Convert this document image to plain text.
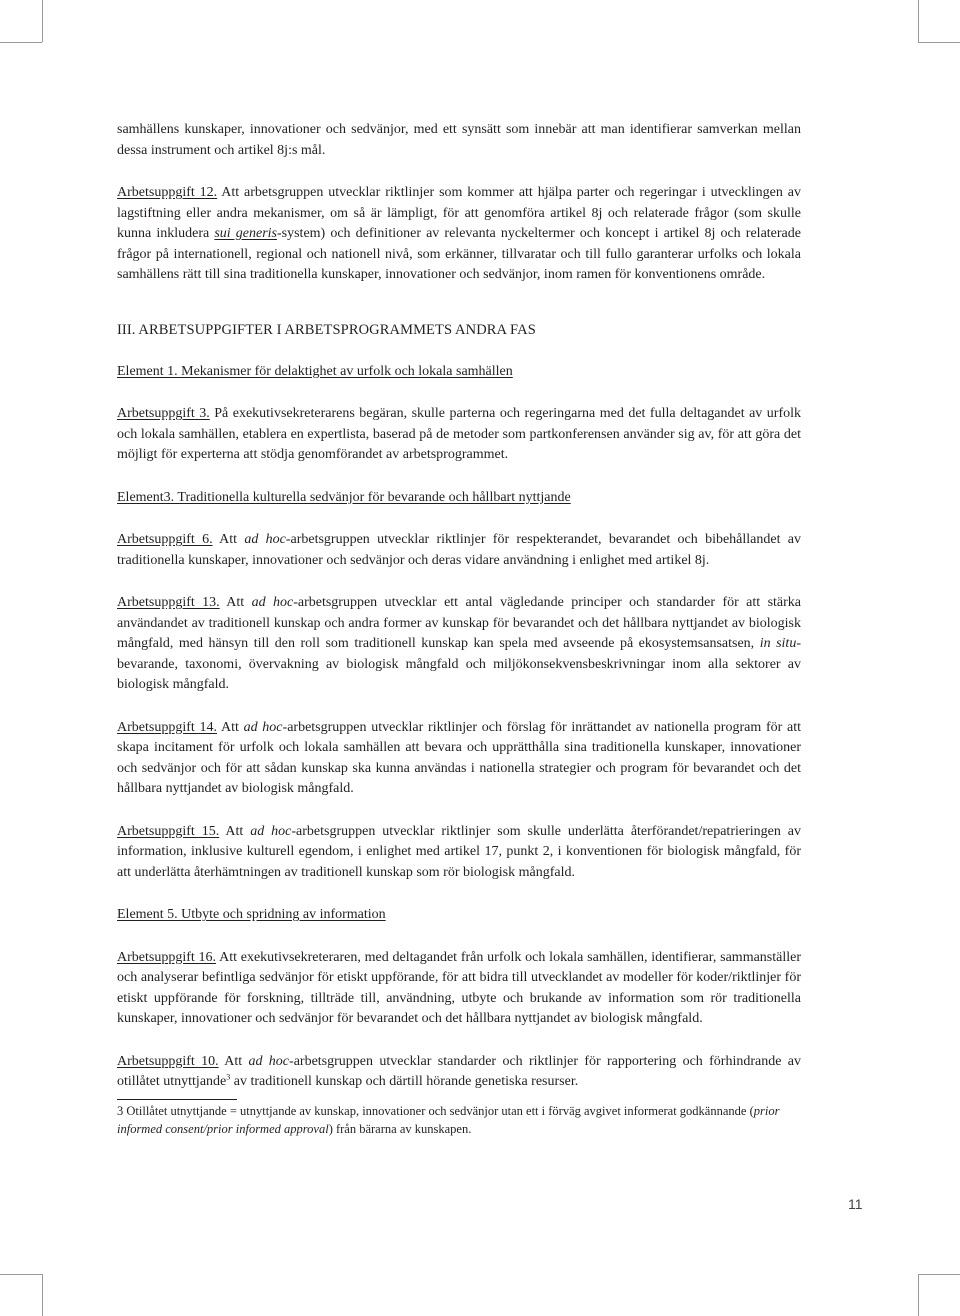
samhällens kunskaper, innovationer och sedvänjor, med ett synsätt som innebär att man identifierar samverkan mellan dessa instrument och artikel 8j:s mål.

Arbetsuppgift 12. Att arbetsgruppen utvecklar riktlinjer som kommer att hjälpa parter och regeringar i utvecklingen av lagstiftning eller andra mekanismer, om så är lämpligt, för att genomföra artikel 8j och relaterade frågor (som skulle kunna inkludera sui generis-system) och definitioner av relevanta nyckeltermer och koncept i artikel 8j och relaterade frågor på internationell, regional och nationell nivå, som erkänner, tillvaratar och till fullo garanterar urfolks och lokala samhällens rätt till sina traditionella kunskaper, innovationer och sedvänjor, inom ramen för konventionens område.

III. ARBETSUPPGIFTER I ARBETSPROGRAMMETS ANDRA FAS

Element 1. Mekanismer för delaktighet av urfolk och lokala samhällen

Arbetsuppgift 3. På exekutivsekreterarens begäran, skulle parterna och regeringarna med det fulla deltagandet av urfolk och lokala samhällen, etablera en expertlista, baserad på de metoder som partkonferensen använder sig av, för att göra det möjligt för experterna att stödja genomförandet av arbetsprogrammet.

Element3. Traditionella kulturella sedvänjor för bevarande och hållbart nyttjande

Arbetsuppgift 6. Att ad hoc-arbetsgruppen utvecklar riktlinjer för respekterandet, bevarandet och bibehållandet av traditionella kunskaper, innovationer och sedvänjor och deras vidare användning i enlighet med artikel 8j.

Arbetsuppgift 13. Att ad hoc-arbetsgruppen utvecklar ett antal vägledande principer och standarder för att stärka användandet av traditionell kunskap och andra former av kunskap för bevarandet och det hållbara nyttjandet av biologisk mångfald, med hänsyn till den roll som traditionell kunskap kan spela med avseende på ekosystemsansatsen, in situ-bevarande, taxonomi, övervakning av biologisk mångfald och miljökonsekvensbeskrivningar inom alla sektorer av biologisk mångfald.

Arbetsuppgift 14. Att ad hoc-arbetsgruppen utvecklar riktlinjer och förslag för inrättandet av nationella program för att skapa incitament för urfolk och lokala samhällen att bevara och upprätthålla sina traditionella kunskaper, innovationer och sedvänjor och för att sådan kunskap ska kunna användas i nationella strategier och program för bevarandet och det hållbara nyttjandet av biologisk mångfald.

Arbetsuppgift 15. Att ad hoc-arbetsgruppen utvecklar riktlinjer som skulle underlätta återförandet/repatrieringen av information, inklusive kulturell egendom, i enlighet med artikel 17, punkt 2, i konventionen för biologisk mångfald, för att underlätta återhämtningen av traditionell kunskap som rör biologisk mångfald.

Element 5. Utbyte och spridning av information

Arbetsuppgift 16. Att exekutivsekreteraren, med deltagandet från urfolk och lokala samhällen, identifierar, sammanställer och analyserar befintliga sedvänjor för etiskt uppförande, för att bidra till utvecklandet av modeller för koder/riktlinjer för etiskt uppförande för forskning, tillträde till, användning, utbyte och brukande av information som rör traditionella kunskaper, innovationer och sedvänjor för bevarandet och det hållbara nyttjandet av biologisk mångfald.

Arbetsuppgift 10. Att ad hoc-arbetsgruppen utvecklar standarder och riktlinjer för rapportering och förhindrande av otillåtet utnyttjande$^3$ av traditionell kunskap och därtill hörande genetiska resurser.

3 Otillåtet utnyttjande = utnyttjande av kunskap, innovationer och sedvänjor utan ett i förväg avgivet informerat godkännande (prior informed consent/prior informed approval) från bärarna av kunskapen.

11
